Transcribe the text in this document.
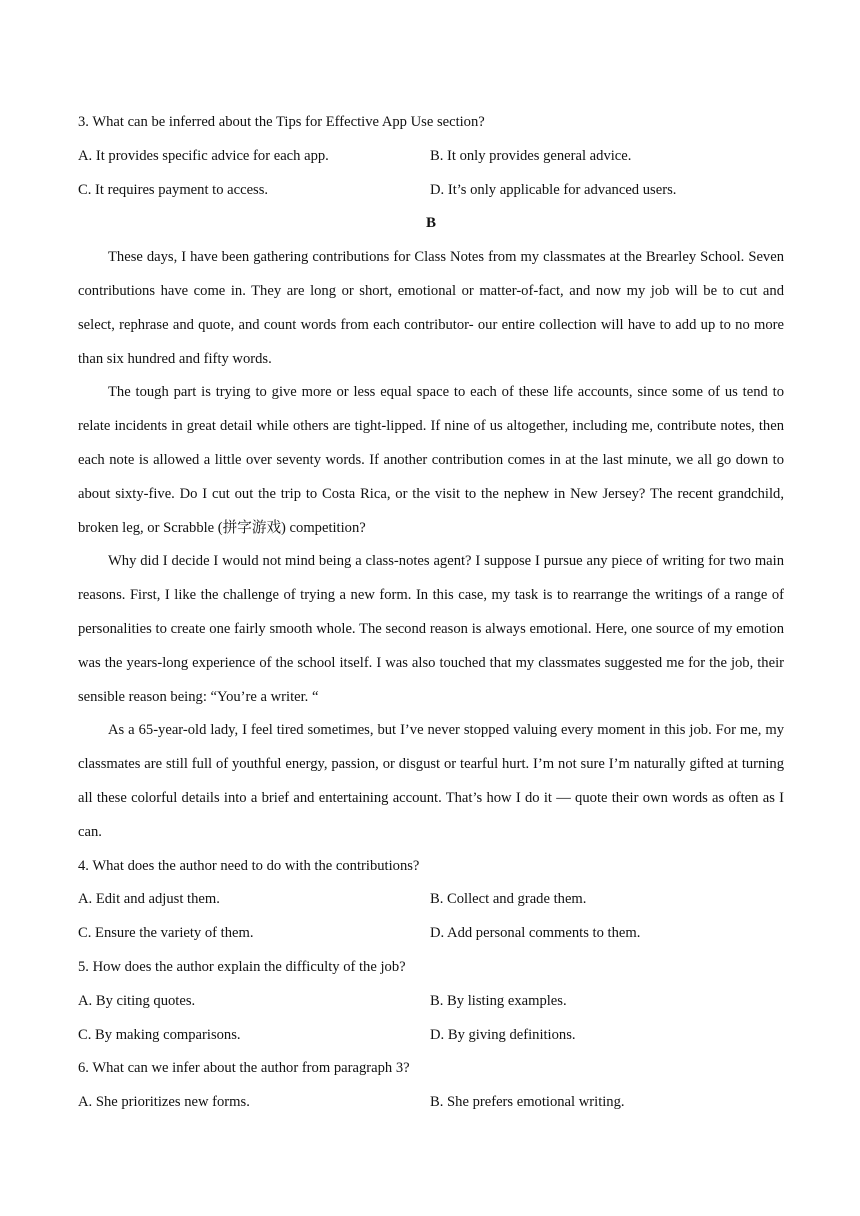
3. What can be inferred about the Tips for Effective App Use section?

A. It provides specific advice for each app.	B. It only provides general advice.
C. It requires payment to access.	D. It’s only applicable for advanced users.

B

These days, I have been gathering contributions for Class Notes from my classmates at the Brearley School. Seven contributions have come in. They are long or short, emotional or matter-of-fact, and now my job will be to cut and select, rephrase and quote, and count words from each contributor- our entire collection will have to add up to no more than six hundred and fifty words.

The tough part is trying to give more or less equal space to each of these life accounts, since some of us tend to relate incidents in great detail while others are tight-lipped. If nine of us altogether, including me, contribute notes, then each note is allowed a little over seventy words. If another contribution comes in at the last minute, we all go down to about sixty-five. Do I cut out the trip to Costa Rica, or the visit to the nephew in New Jersey? The recent grandchild, broken leg, or Scrabble (拼字游戏) competition?

Why did I decide I would not mind being a class-notes agent? I suppose I pursue any piece of writing for two main reasons. First, I like the challenge of trying a new form. In this case, my task is to rearrange the writings of a range of personalities to create one fairly smooth whole. The second reason is always emotional. Here, one source of my emotion was the years-long experience of the school itself. I was also touched that my classmates suggested me for the job, their sensible reason being: “You’re a writer. “

As a 65-year-old lady, I feel tired sometimes, but I’ve never stopped valuing every moment in this job. For me, my classmates are still full of youthful energy, passion, or disgust or tearful hurt. I’m not sure I’m naturally gifted at turning all these colorful details into a brief and entertaining account. That’s how I do it — quote their own words as often as I can.

4. What does the author need to do with the contributions?

A. Edit and adjust them.	B. Collect and grade them.
C. Ensure the variety of them.	D. Add personal comments to them.

5. How does the author explain the difficulty of the job?

A. By citing quotes.	B. By listing examples.
C. By making comparisons.	D. By giving definitions.

6. What can we infer about the author from paragraph 3?

A. She prioritizes new forms.	B. She prefers emotional writing.
